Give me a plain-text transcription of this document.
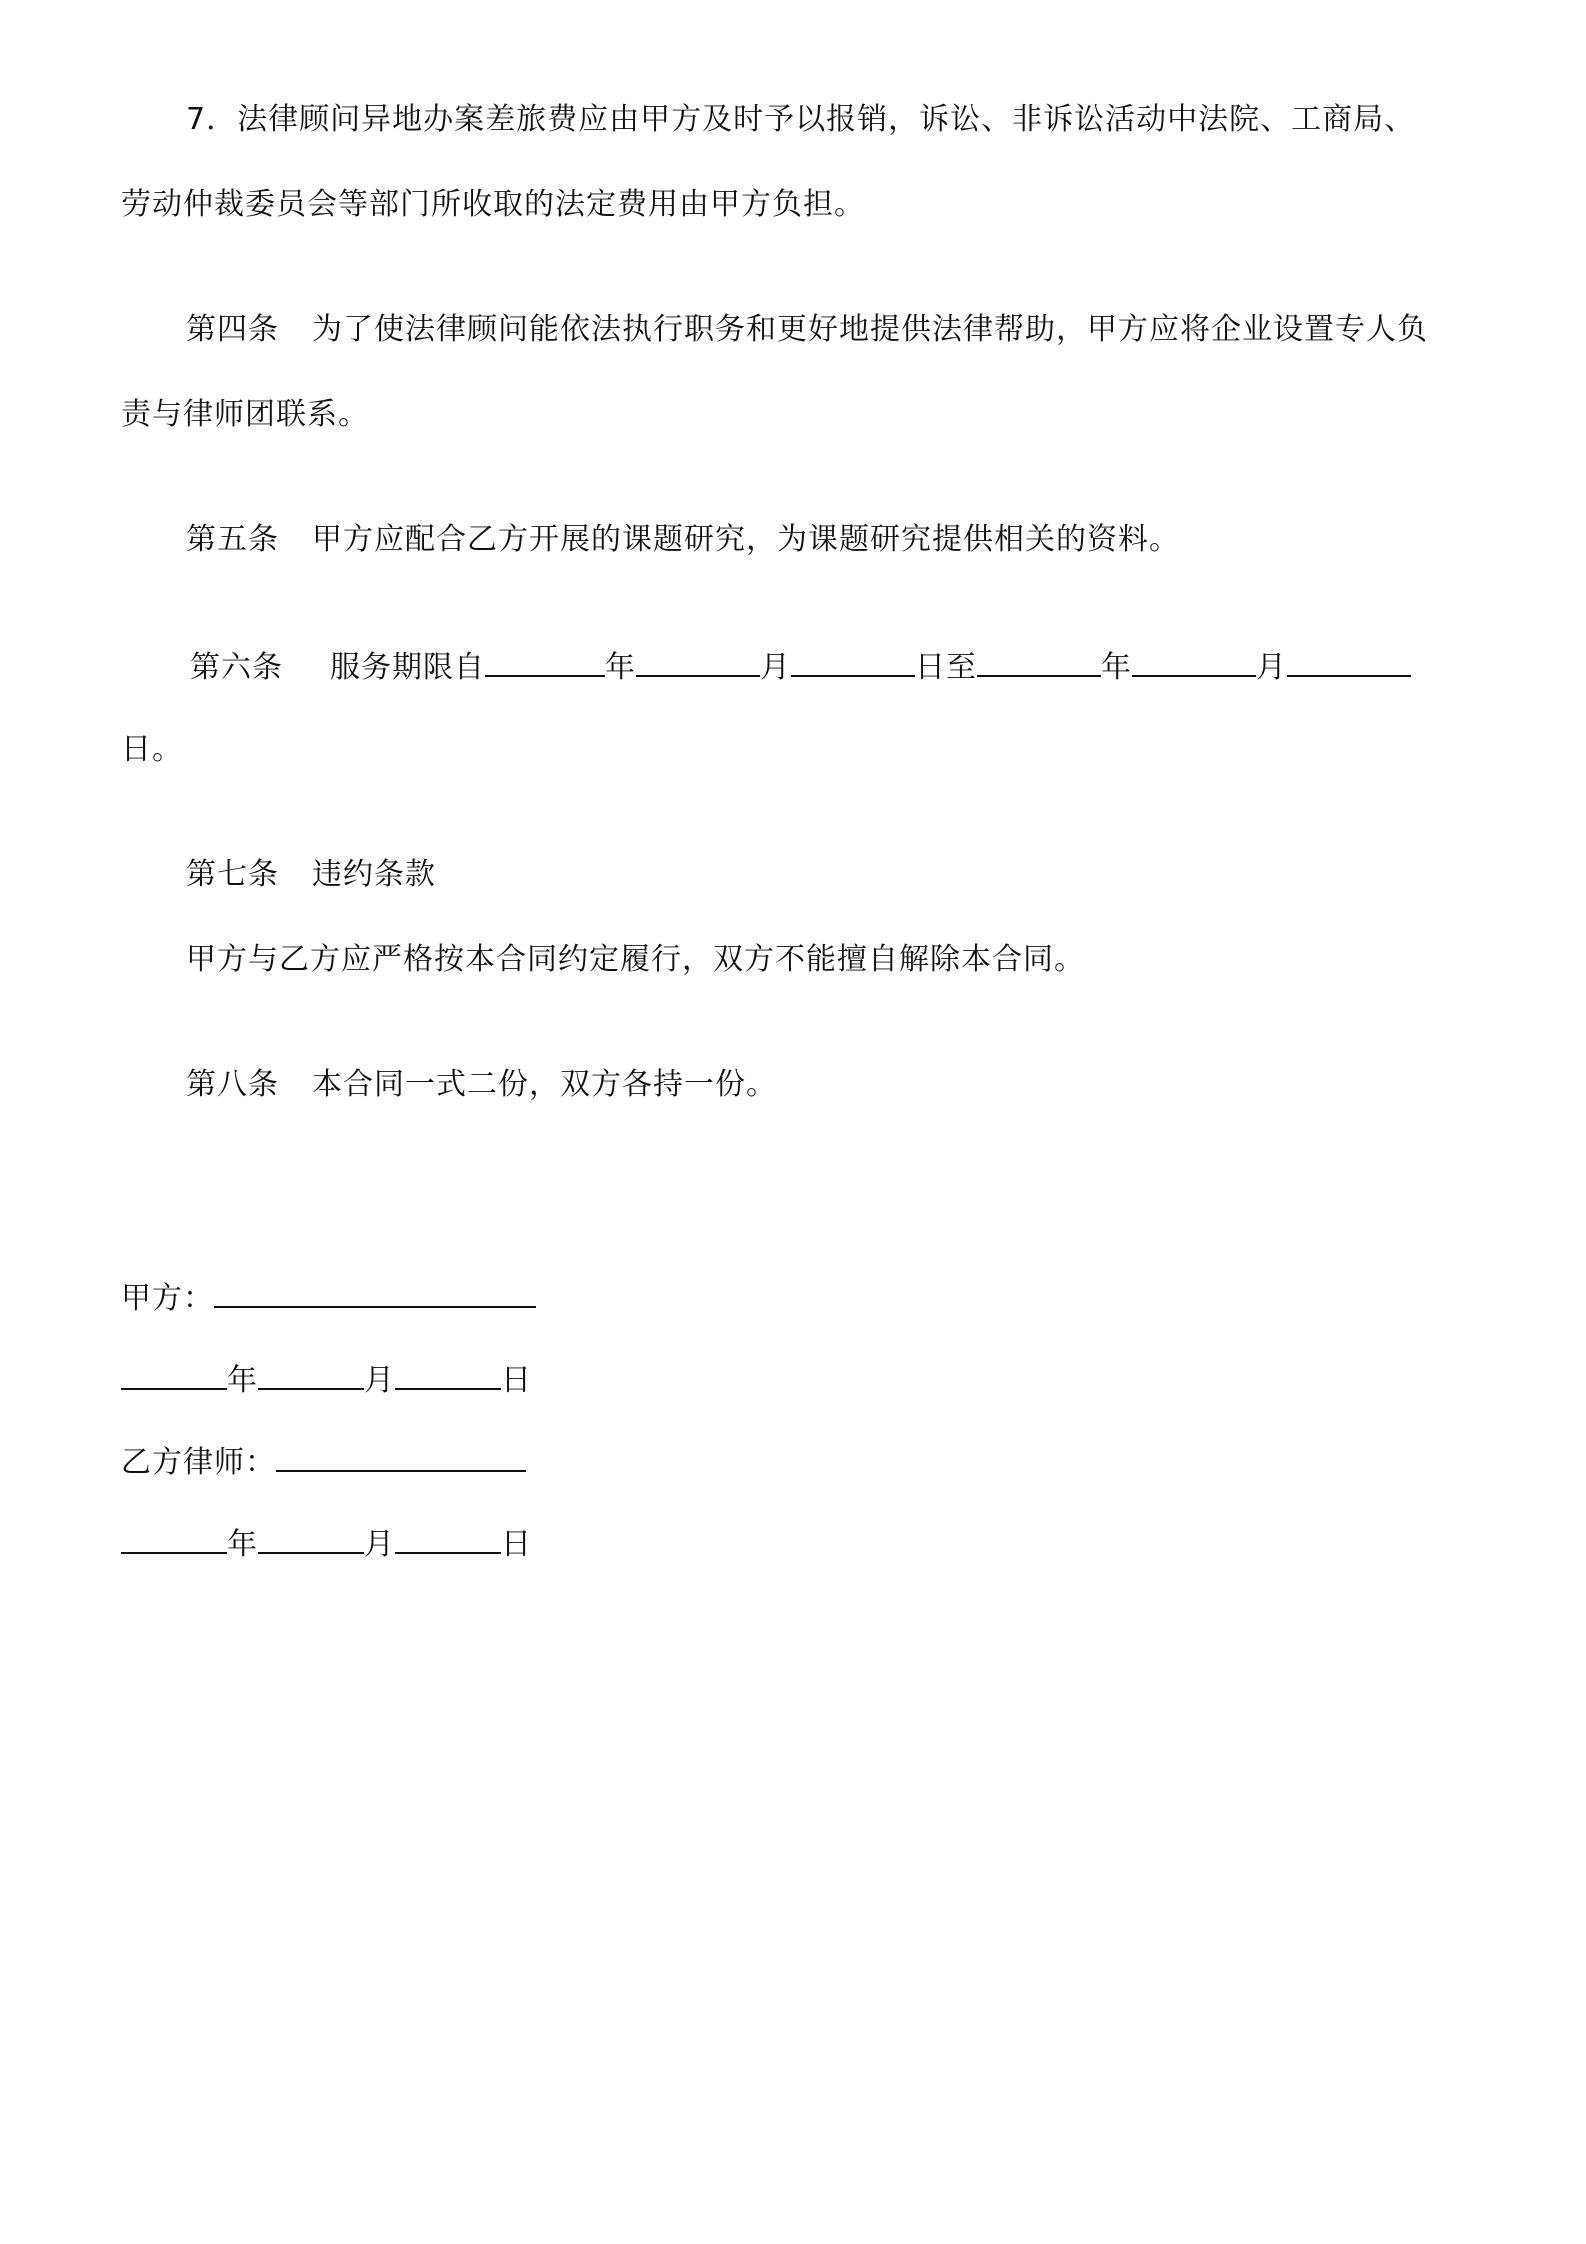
7．法律顾问异地办案差旅费应由甲方及时予以报销，诉讼、非诉讼活动中法院、工商局、
劳动仲裁委员会等部门所收取的法定费用由甲方负担。
第四条 为了使法律顾问能依法执行职务和更好地提供法律帮助，甲方应将企业设置专人负
责与律师团联系。
第五条 甲方应配合乙方开展的课题研究，为课题研究提供相关的资料。
第六条 服务期限自	年	月	日至	年	月
日。
第七条 违约条款
甲方与乙方应严格按本合同约定履行，双方不能擅自解除本合同。
第八条 本合同一式二份，双方各持一份。
甲方：
年	月	日
乙方律师：
年	月	日
